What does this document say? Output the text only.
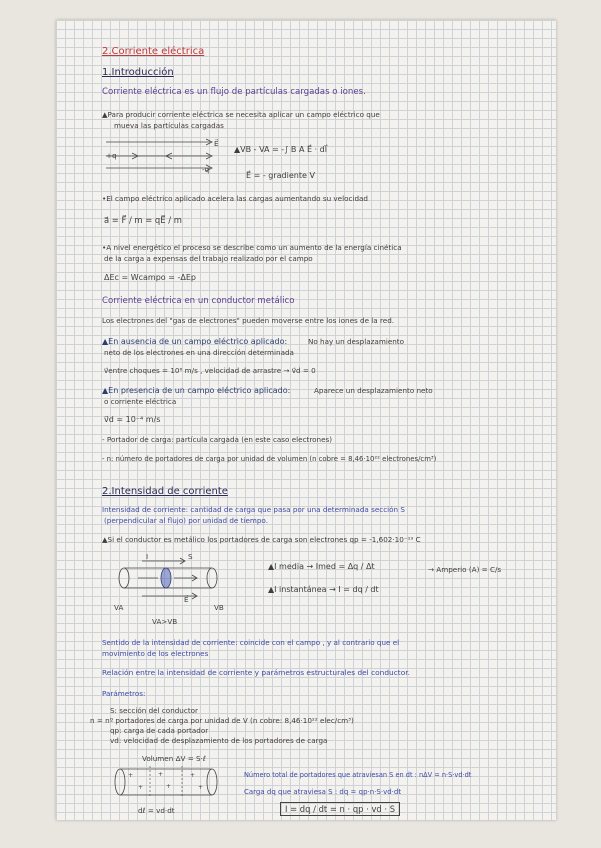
2.Corriente eléctrica
1.Introducción
Corriente eléctrica es un flujo de partículas cargadas o iones.
▲Para producir corriente eléctrica se necesita aplicar un campo eléctrico que
mueva las partículas cargadas
+q
E⃗
-q
▲VB - VA = -∫ B A E⃗ · dl⃗
E⃗ = - gradiente V
•El campo eléctrico aplicado acelera las cargas aumentando su velocidad
a⃗ = F⃗ / m = qE⃗ / m
•A nivel energético el proceso se describe como un aumento de la energía cinética
de la carga a expensas del trabajo realizado por el campo
ΔEc = Wcampo = -ΔEp
Corriente eléctrica en un conductor metálico
Los electrones del "gas de electrones" pueden moverse entre los iones de la red.
▲En ausencia de un campo eléctrico aplicado:	No hay un desplazamiento
neto de los electrones en una dirección determinada
v⃗entre choques = 10⁶ m/s , velocidad de arrastre → v⃗d = 0
▲En presencia de un campo eléctrico aplicado:	Aparece un desplazamiento neto
o corriente eléctrica
v⃗d = 10⁻⁴ m/s
- Portador de carga: partícula cargada (en este caso electrones)
- n: número de portadores de carga por unidad de volumen (n cobre = 8,46·10²² electrones/cm³)
2.Intensidad de corriente
Intensidad de corriente: cantidad de carga que pasa por una determinada sección S
(perpendicular al flujo) por unidad de tiempo.
▲Si el conductor es metálico los portadores de carga son electrones qp = -1,602·10⁻¹⁹ C
I	S
E⃗
VA	VB
VA>VB
▲I media → Imed = Δq / Δt	→ Amperio (A) = C/s
▲I instantánea → I = dq / dt
Sentido de la intensidad de corriente: coincide con el campo , y al contrario que el
movimiento de los electrones
Relación entre la intensidad de corriente y parámetros estructurales del conductor.
Parámetros:
S: sección del conductor
n = nº portadores de carga por unidad de V (n cobre: 8,46·10²² elec/cm³)
qp: carga de cada portador
vd: velocidad de desplazamiento de los portadores de carga
Volumen ΔV = S·ℓ
+
+
+
+
+
+
dℓ = vd·dt
Número total de portadores que atraviesan S en dt : nΔV = n·S·vd·dt
Carga dq que atraviesa S : dq = qp·n·S·vd·dt
I = dq / dt = n · qp · vd · S
